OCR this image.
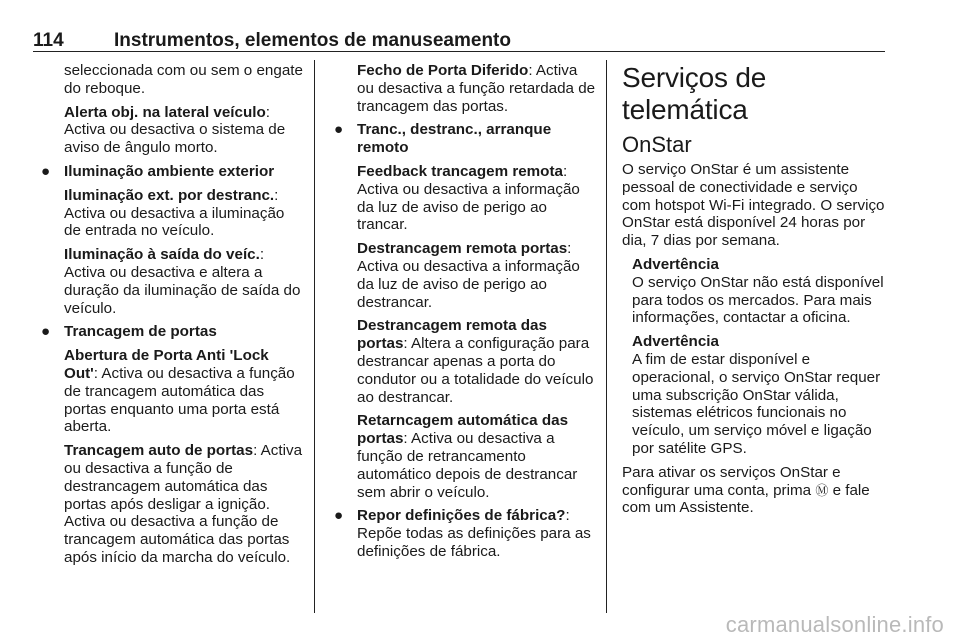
114	Instrumentos, elementos de manuseamento

seleccionada com ou sem o engate do reboque.

Alerta obj. na lateral veículo: Activa ou desactiva o sistema de aviso de ângulo morto.

● Iluminação ambiente exterior

Iluminação ext. por destranc.: Activa ou desactiva a iluminação de entrada no veículo.

Iluminação à saída do veíc.: Activa ou desactiva e altera a duração da iluminação de saída do veículo.

● Trancagem de portas

Abertura de Porta Anti 'Lock Out': Activa ou desactiva a função de trancagem automática das portas enquanto uma porta está aberta.

Trancagem auto de portas: Activa ou desactiva a função de destrancagem automática das portas após desligar a ignição. Activa ou desactiva a função de trancagem automática das portas após início da marcha do veículo.

Fecho de Porta Diferido: Activa ou desactiva a função retardada de trancagem das portas.

● Tranc., destranc., arranque remoto

Feedback trancagem remota: Activa ou desactiva a informação da luz de aviso de perigo ao trancar.

Destrancagem remota portas: Activa ou desactiva a informação da luz de aviso de perigo ao destrancar.

Destrancagem remota das portas: Altera a configuração para destrancar apenas a porta do condutor ou a totalidade do veículo ao destrancar.

Retarncagem automática das portas: Activa ou desactiva a função de retrancamento automático depois de destrancar sem abrir o veículo.

● Repor definições de fábrica?: Repõe todas as definições para as definições de fábrica.

Serviços de telemática
OnStar

O serviço OnStar é um assistente pessoal de conectividade e serviço com hotspot Wi-Fi integrado. O serviço OnStar está disponível 24 horas por dia, 7 dias por semana.

Advertência
O serviço OnStar não está disponível para todos os mercados. Para mais informações, contactar a oficina.

Advertência
A fim de estar disponível e operacional, o serviço OnStar requer uma subscrição OnStar válida, sistemas elétricos funcionais no veículo, um serviço móvel e ligação por satélite GPS.

Para ativar os serviços OnStar e configurar uma conta, prima Ⓜ e fale com um Assistente.

carmanualsonline.info
